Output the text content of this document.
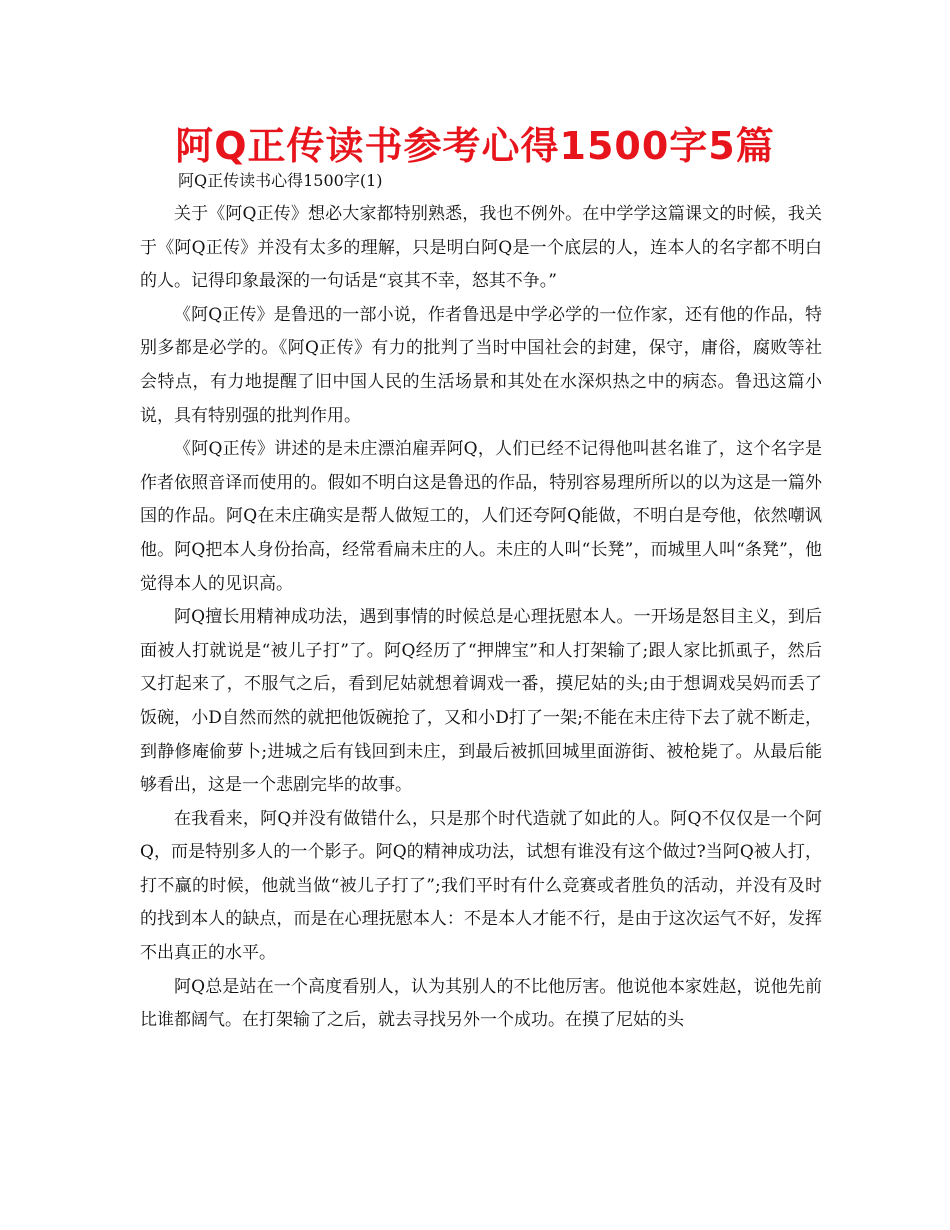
阿Q正传读书参考心得1500字5篇
阿Q正传读书心得1500字(1)

关于《阿Q正传》想必大家都特别熟悉，我也不例外。在中学学这篇课文的时候，我关于《阿Q正传》并没有太多的理解，只是明白阿Q是一个底层的人，连本人的名字都不明白的人。记得印象最深的一句话是“哀其不幸，怒其不争。”

《阿Q正传》是鲁迅的一部小说，作者鲁迅是中学必学的一位作家，还有他的作品，特别多都是必学的。《阿Q正传》有力的批判了当时中国社会的封建，保守，庸俗，腐败等社会特点，有力地提醒了旧中国人民的生活场景和其处在水深炽热之中的病态。鲁迅这篇小说，具有特别强的批判作用。

《阿Q正传》讲述的是未庄漂泊雇弄阿Q，人们已经不记得他叫甚名谁了，这个名字是作者依照音译而使用的。假如不明白这是鲁迅的作品，特别容易理所所以的以为这是一篇外国的作品。阿Q在未庄确实是帮人做短工的，人们还夸阿Q能做，不明白是夸他，依然嘲讽他。阿Q把本人身份抬高，经常看扁未庄的人。未庄的人叫“长凳”，而城里人叫“条凳”，他觉得本人的见识高。

阿Q擅长用精神成功法，遇到事情的时候总是心理抚慰本人。一开场是怒目主义，到后面被人打就说是“被儿子打”了。阿Q经历了“押牌宝”和人打架输了;跟人家比抓虱子，然后又打起来了，不服气之后，看到尼姑就想着调戏一番，摸尼姑的头;由于想调戏吴妈而丢了饭碗，小D自然而然的就把他饭碗抢了，又和小D打了一架;不能在未庄待下去了就不断走，到静修庵偷萝卜;进城之后有钱回到未庄，到最后被抓回城里面游街、被枪毙了。从最后能够看出，这是一个悲剧完毕的故事。

在我看来，阿Q并没有做错什么，只是那个时代造就了如此的人。阿Q不仅仅是一个阿Q，而是特别多人的一个影子。阿Q的精神成功法，试想有谁没有这个做过?当阿Q被人打，打不赢的时候，他就当做“被儿子打了”;我们平时有什么竞赛或者胜负的活动，并没有及时的找到本人的缺点，而是在心理抚慰本人：不是本人才能不行，是由于这次运气不好，发挥不出真正的水平。

阿Q总是站在一个高度看别人，认为其别人的不比他厉害。他说他本家姓赵，说他先前比谁都阔气。在打架输了之后，就去寻找另外一个成功。在摸了尼姑的头
